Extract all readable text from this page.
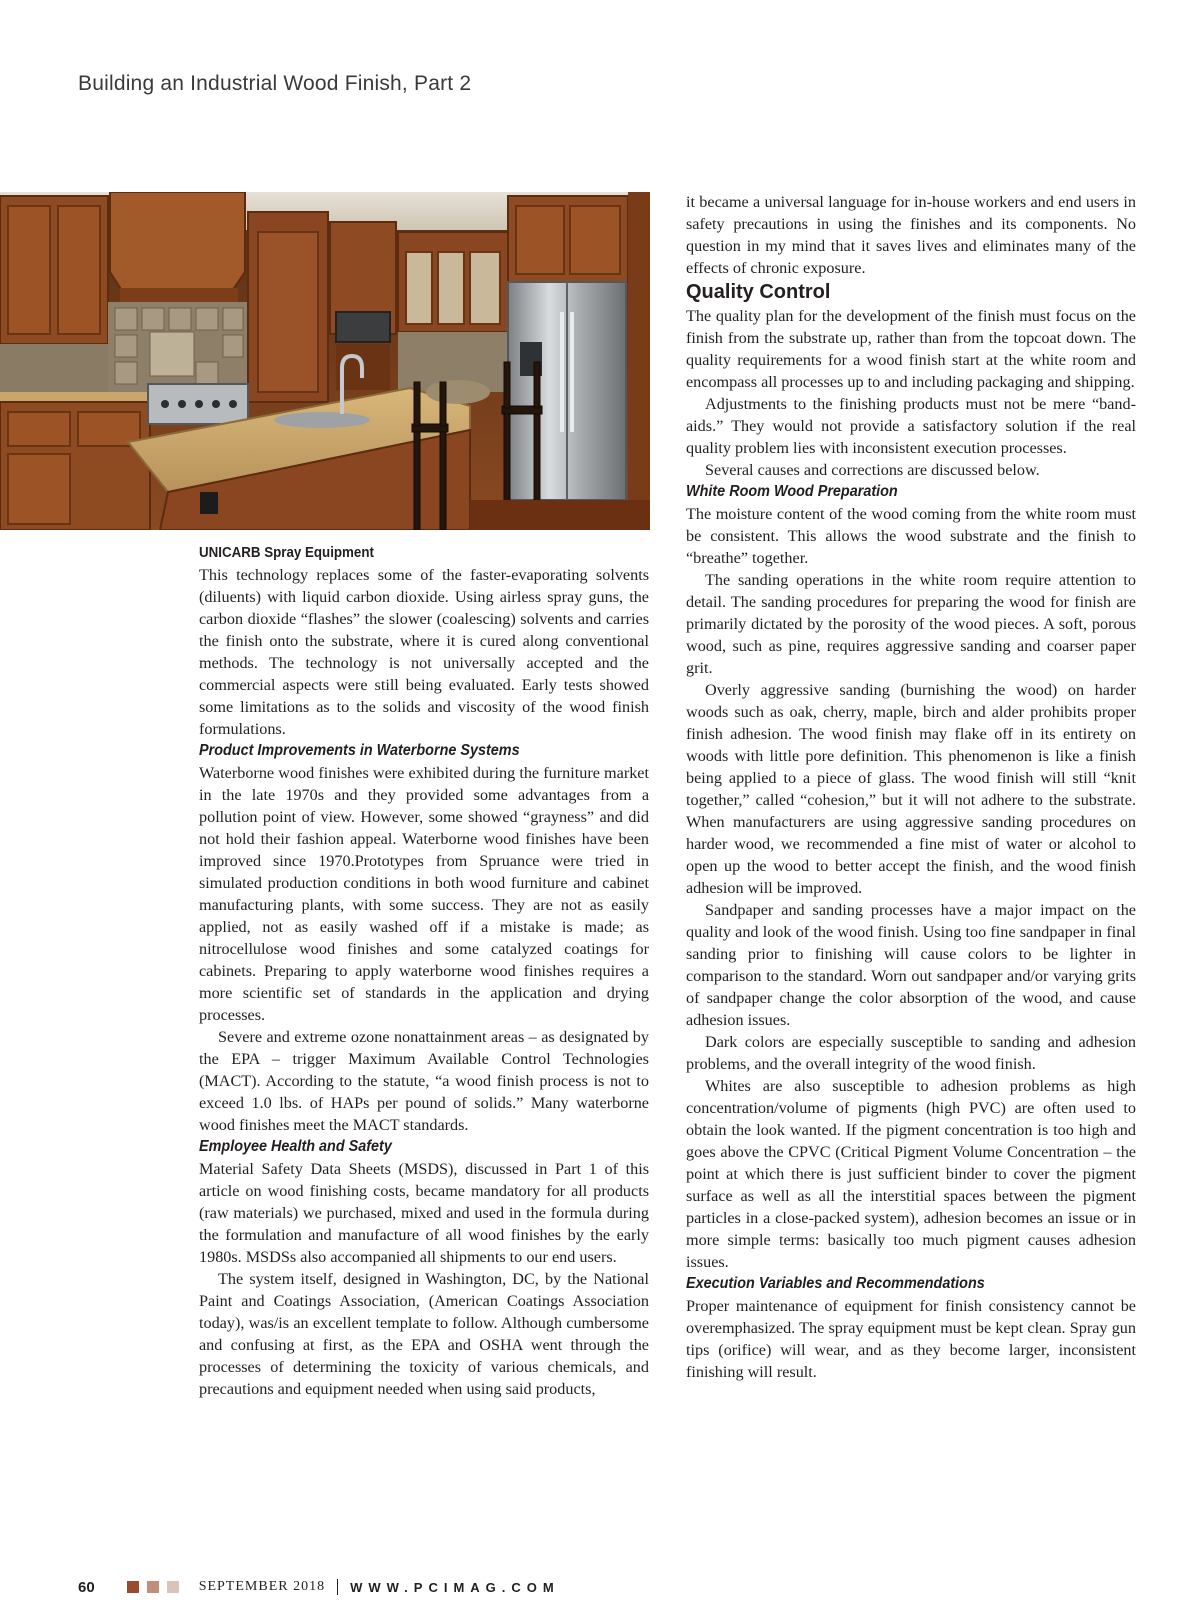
Building an Industrial Wood Finish, Part 2

UNICARB Spray Equipment

This technology replaces some of the faster-evaporating solvents (diluents) with liquid carbon dioxide. Using airless spray guns, the carbon dioxide “flashes” the slower (coalescing) solvents and carries the finish onto the substrate, where it is cured along conventional methods. The technology is not universally accepted and the commercial aspects were still being evaluated. Early tests showed some limitations as to the solids and viscosity of the wood finish formulations.

Product Improvements in Waterborne Systems

Waterborne wood finishes were exhibited during the furniture market in the late 1970s and they provided some advantages from a pollution point of view. However, some showed “grayness” and did not hold their fashion appeal. Waterborne wood finishes have been improved since 1970.Prototypes from Spruance were tried in simulated production conditions in both wood furniture and cabinet manufacturing plants, with some success. They are not as easily applied, not as easily washed off if a mistake is made; as nitrocellulose wood finishes and some catalyzed coatings for cabinets. Preparing to apply waterborne wood finishes requires a more scientific set of standards in the application and drying processes.

Severe and extreme ozone nonattainment areas – as designated by the EPA – trigger Maximum Available Control Technologies (MACT). According to the statute, “a wood finish process is not to exceed 1.0 lbs. of HAPs per pound of solids.” Many waterborne wood finishes meet the MACT standards.

Employee Health and Safety

Material Safety Data Sheets (MSDS), discussed in Part 1 of this article on wood finishing costs, became mandatory for all products (raw materials) we purchased, mixed and used in the formula during the formulation and manufacture of all wood finishes by the early 1980s. MSDSs also accompanied all shipments to our end users.

The system itself, designed in Washington, DC, by the National Paint and Coatings Association, (American Coatings Association today), was/is an excellent template to follow. Although cumbersome and confusing at first, as the EPA and OSHA went through the processes of determining the toxicity of various chemicals, and precautions and equipment needed when using said products,

it became a universal language for in-house workers and end users in safety precautions in using the finishes and its components. No question in my mind that it saves lives and eliminates many of the effects of chronic exposure.

Quality Control

The quality plan for the development of the finish must focus on the finish from the substrate up, rather than from the topcoat down. The quality requirements for a wood finish start at the white room and encompass all processes up to and including packaging and shipping.

Adjustments to the finishing products must not be mere “band-aids.” They would not provide a satisfactory solution if the real quality problem lies with inconsistent execution processes.

Several causes and corrections are discussed below.

White Room Wood Preparation

The moisture content of the wood coming from the white room must be consistent. This allows the wood substrate and the finish to “breathe” together.

The sanding operations in the white room require attention to detail. The sanding procedures for preparing the wood for finish are primarily dictated by the porosity of the wood pieces. A soft, porous wood, such as pine, requires aggressive sanding and coarser paper grit.

Overly aggressive sanding (burnishing the wood) on harder woods such as oak, cherry, maple, birch and alder prohibits proper finish adhesion. The wood finish may flake off in its entirety on woods with little pore definition. This phenomenon is like a finish being applied to a piece of glass. The wood finish will still “knit together,” called “cohesion,” but it will not adhere to the substrate. When manufacturers are using aggressive sanding procedures on harder wood, we recommended a fine mist of water or alcohol to open up the wood to better accept the finish, and the wood finish adhesion will be improved.

Sandpaper and sanding processes have a major impact on the quality and look of the wood finish. Using too fine sandpaper in final sanding prior to finishing will cause colors to be lighter in comparison to the standard. Worn out sandpaper and/or varying grits of sandpaper change the color absorption of the wood, and cause adhesion issues.

Dark colors are especially susceptible to sanding and adhesion problems, and the overall integrity of the wood finish.

Whites are also susceptible to adhesion problems as high concentration/volume of pigments (high PVC) are often used to obtain the look wanted. If the pigment concentration is too high and goes above the CPVC (Critical Pigment Volume Concentration – the point at which there is just sufficient binder to cover the pigment surface as well as all the interstitial spaces between the pigment particles in a close-packed system), adhesion becomes an issue or in more simple terms: basically too much pigment causes adhesion issues.

Execution Variables and Recommendations

Proper maintenance of equipment for finish consistency cannot be overemphasized. The spray equipment must be kept clean. Spray gun tips (orifice) will wear, and as they become larger, inconsistent finishing will result.

60	SEPTEMBER 2018 WWW.PCIMAG.COM
